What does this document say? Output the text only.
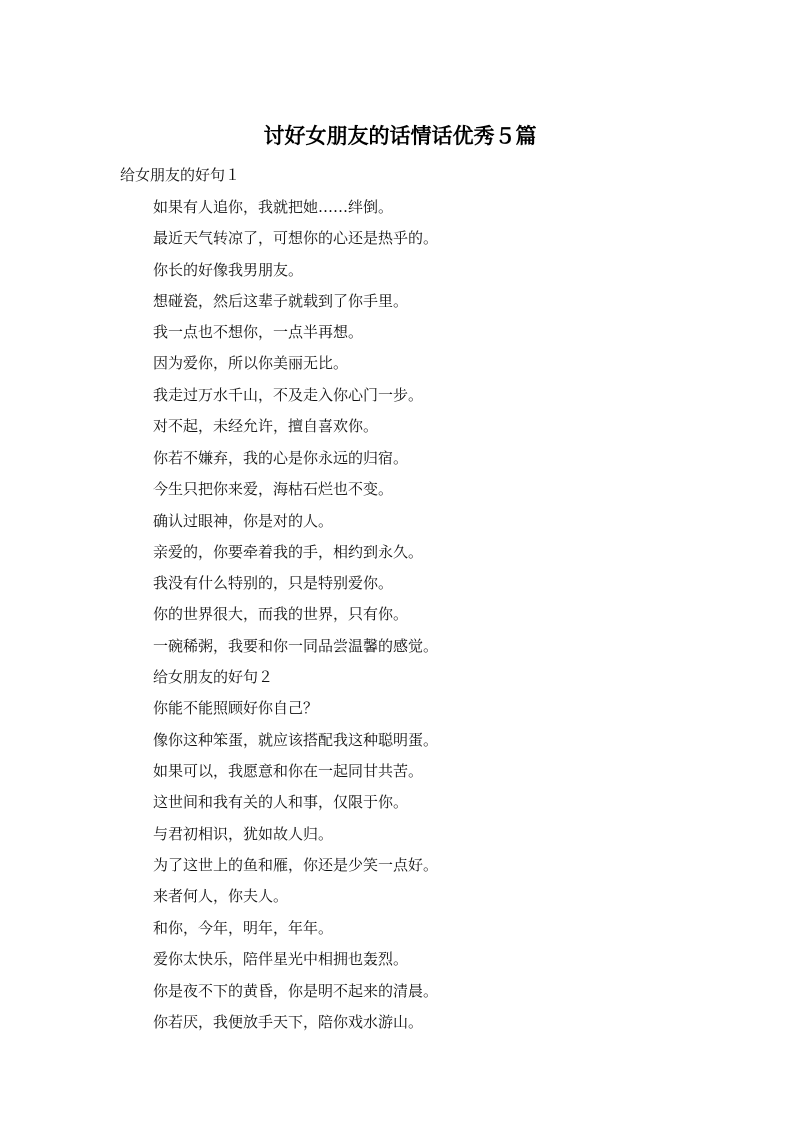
讨好女朋友的话情话优秀５篇
给女朋友的好句１
如果有人追你，我就把她……绊倒。
最近天气转凉了，可想你的心还是热乎的。
你长的好像我男朋友。
想碰瓷，然后这辈子就载到了你手里。
我一点也不想你，一点半再想。
因为爱你，所以你美丽无比。
我走过万水千山，不及走入你心门一步。
对不起，未经允许，擅自喜欢你。
你若不嫌弃，我的心是你永远的归宿。
今生只把你来爱，海枯石烂也不变。
确认过眼神，你是对的人。
亲爱的，你要牵着我的手，相约到永久。
我没有什么特别的，只是特别爱你。
你的世界很大，而我的世界，只有你。
一碗稀粥，我要和你一同品尝温馨的感觉。
给女朋友的好句２
你能不能照顾好你自己？
像你这种笨蛋，就应该搭配我这种聪明蛋。
如果可以，我愿意和你在一起同甘共苦。
这世间和我有关的人和事，仅限于你。
与君初相识，犹如故人归。
为了这世上的鱼和雁，你还是少笑一点好。
来者何人，你夫人。
和你，今年，明年，年年。
爱你太快乐，陪伴星光中相拥也轰烈。
你是夜不下的黄昏，你是明不起来的清晨。
你若厌，我便放手天下，陪你戏水游山。
